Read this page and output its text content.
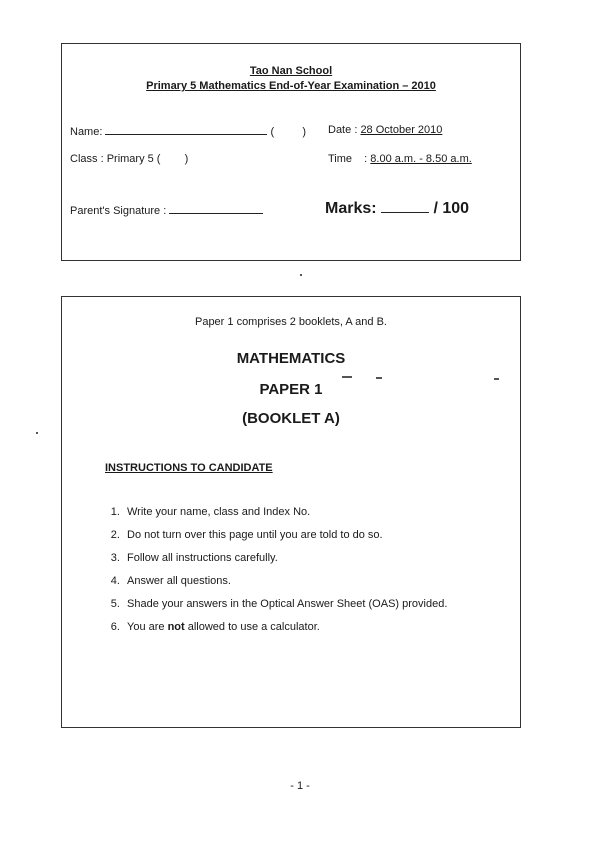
Tao Nan School
Primary 5 Mathematics End-of-Year Examination – 2010
Name:	(	) Date : 28 October 2010
Class : Primary 5 ( )	Time : 8.00 a.m. - 8.50 a.m.
Parent's Signature :	Marks:	/ 100
Paper 1 comprises 2 booklets, A and B.
MATHEMATICS
PAPER 1
(BOOKLET A)
INSTRUCTIONS TO CANDIDATE
1. Write your name, class and Index No.
2. Do not turn over this page until you are told to do so.
3. Follow all instructions carefully.
4. Answer all questions.
5. Shade your answers in the Optical Answer Sheet (OAS) provided.
6. You are not allowed to use a calculator.
- 1 -
